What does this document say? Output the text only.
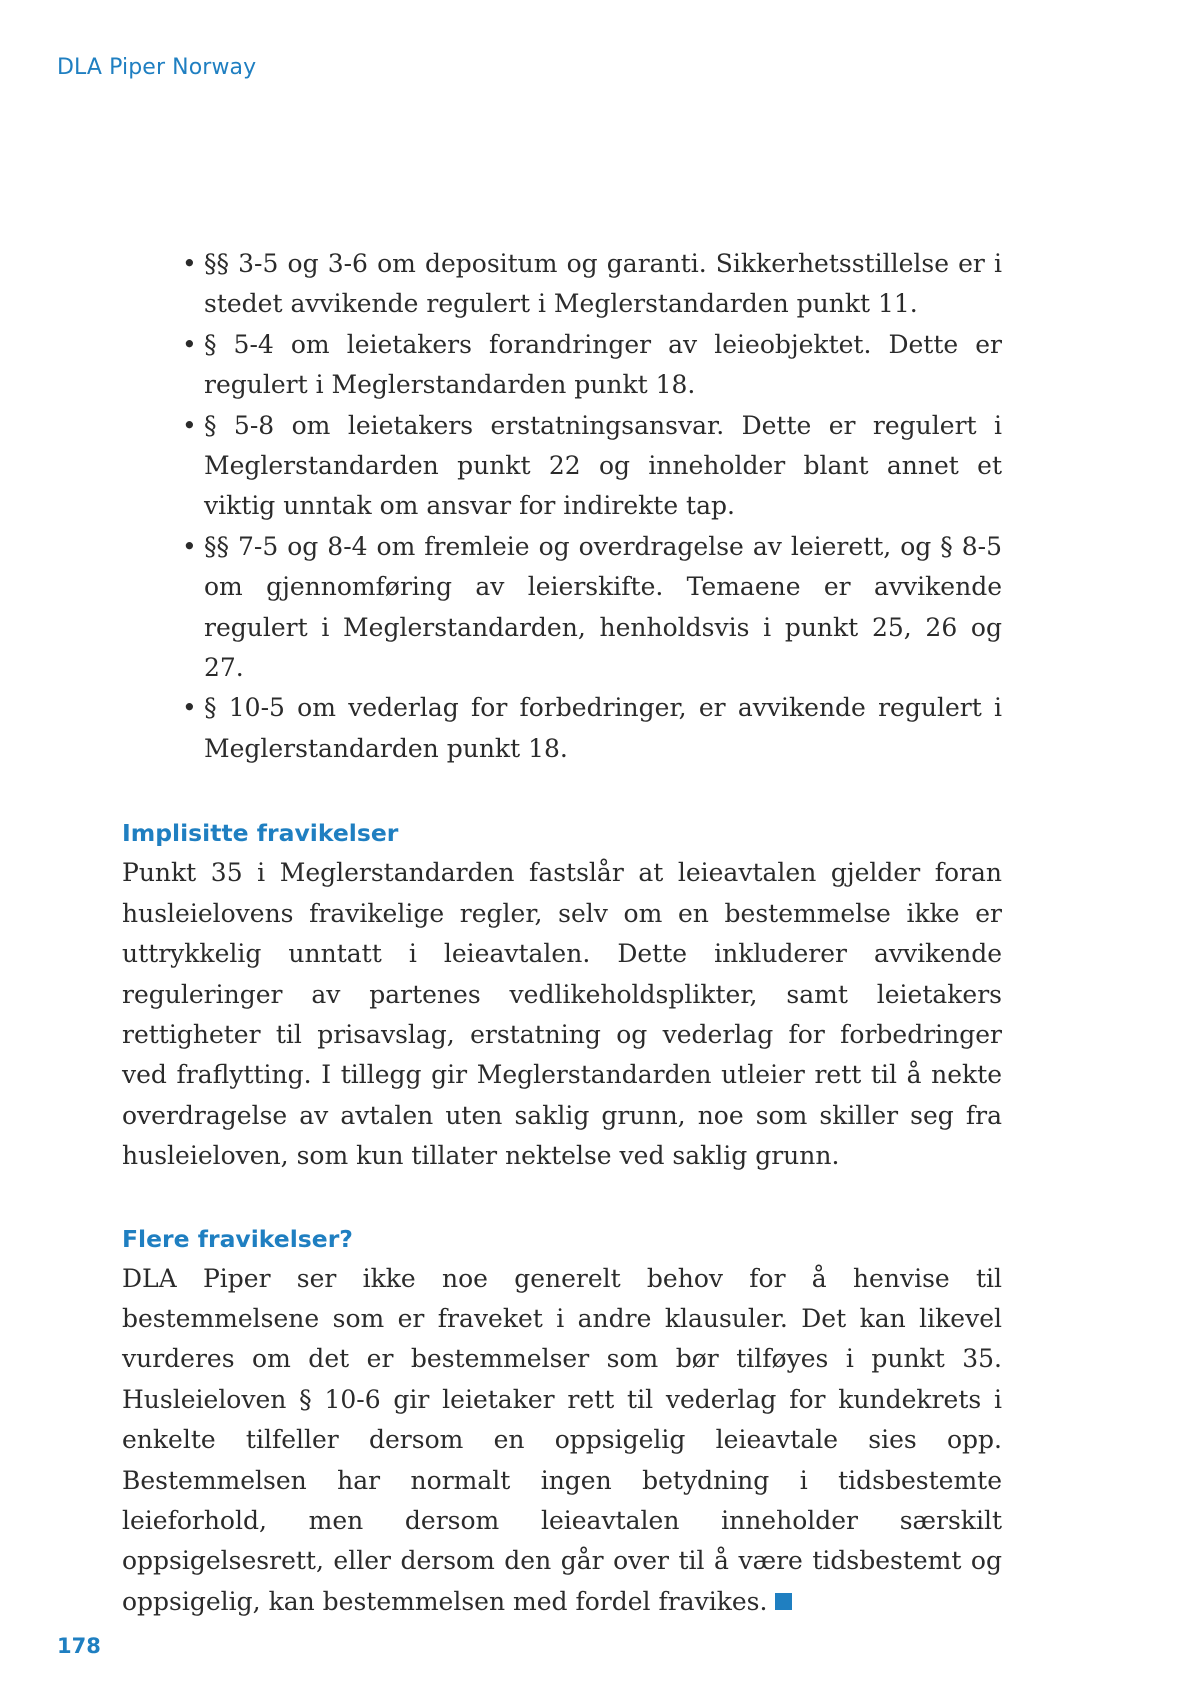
DLA Piper Norway
• §§ 3-5 og 3-6 om depositum og garanti. Sikkerhetsstillelse er i stedet avvikende regulert i Meglerstandarden punkt 11.
• § 5-4 om leietakers forandringer av leieobjektet. Dette er regulert i Meglerstandarden punkt 18.
• § 5-8 om leietakers erstatningsansvar. Dette er regulert i Meglerstandarden punkt 22 og inneholder blant annet et viktig unntak om ansvar for indirekte tap.
• §§ 7-5 og 8-4 om fremleie og overdragelse av leierett, og § 8-5 om gjennomføring av leierskifte. Temaene er avvikende regulert i Meglerstandarden, henholdsvis i punkt 25, 26 og 27.
• § 10-5 om vederlag for forbedringer, er avvikende regulert i Meglerstandarden punkt 18.
Implisitte fravikelser

Punkt 35 i Meglerstandarden fastslår at leieavtalen gjelder foran husleielovens fravikelige regler, selv om en bestemmelse ikke er uttrykkelig unntatt i leieavtalen. Dette inkluderer avvikende reguleringer av partenes vedlikeholdsplikter, samt leietakers rettigheter til prisavslag, erstatning og vederlag for forbedringer ved fraflytting. I tillegg gir Meglerstandarden utleier rett til å nekte overdragelse av avtalen uten saklig grunn, noe som skiller seg fra husleieloven, som kun tillater nektelse ved saklig grunn.

Flere fravikelser?

DLA Piper ser ikke noe generelt behov for å henvise til bestemmelsene som er fraveket i andre klausuler. Det kan likevel vurderes om det er bestemmelser som bør tilføyes i punkt 35. Husleieloven § 10-6 gir leietaker rett til vederlag for kundekrets i enkelte tilfeller dersom en oppsigelig leieavtale sies opp. Bestemmelsen har normalt ingen betydning i tidsbestemte leieforhold, men dersom leieavtalen inneholder særskilt oppsigelsesrett, eller dersom den går over til å være tidsbestemt og oppsigelig, kan bestemmelsen med fordel fravikes.

178
